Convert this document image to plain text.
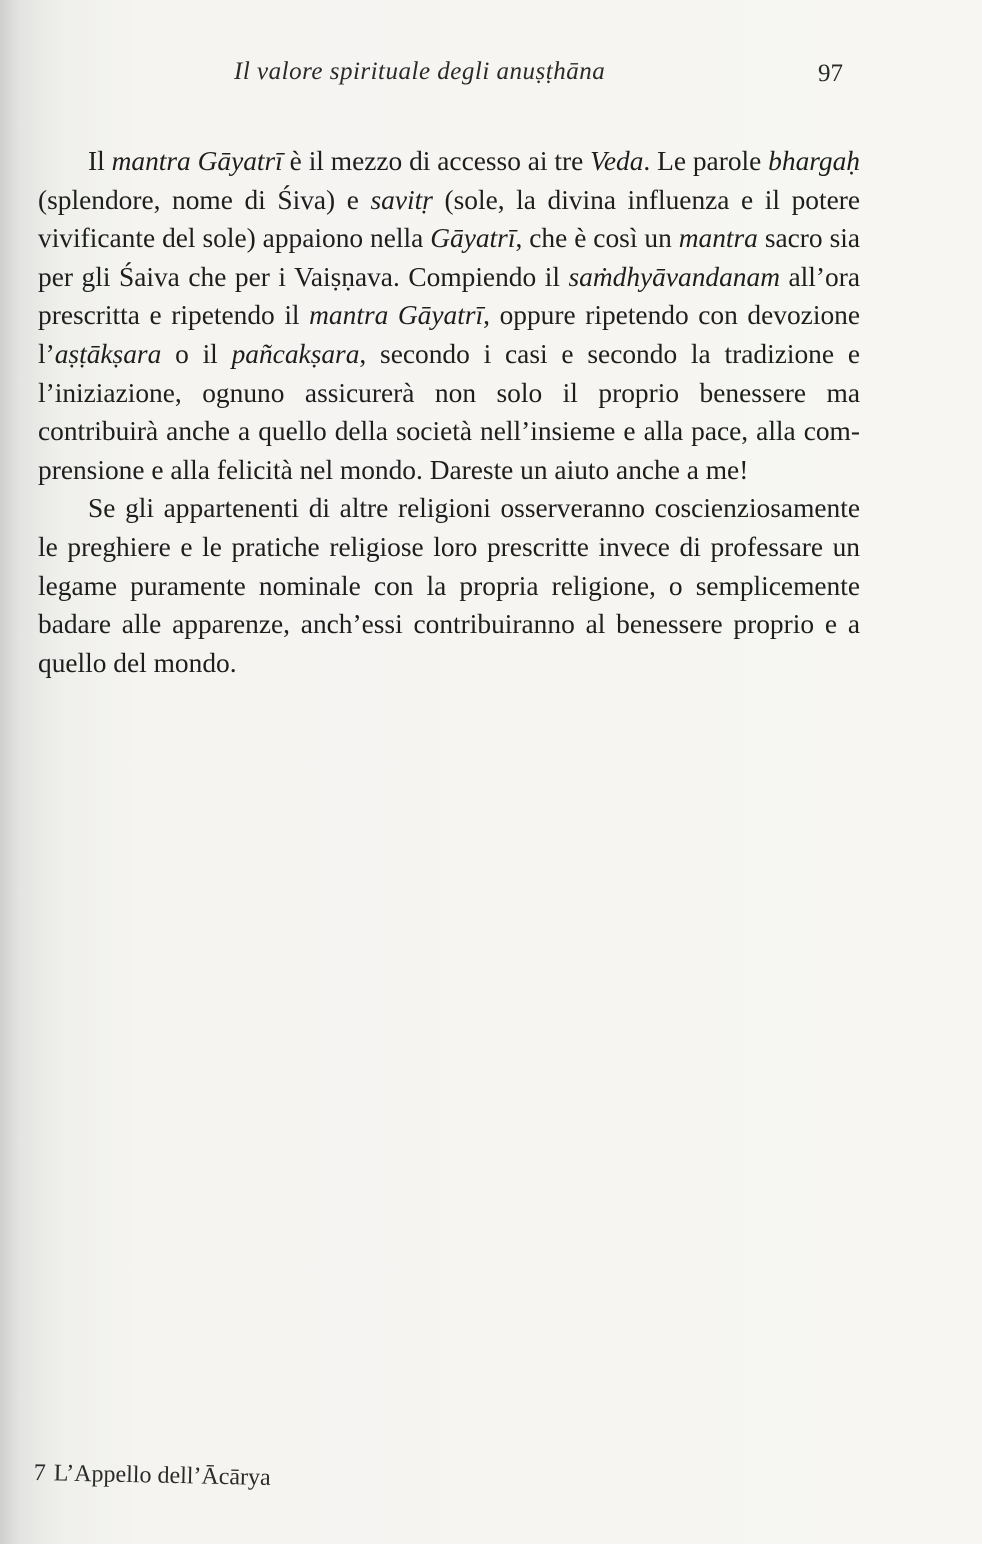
Il valore spirituale degli anuṣṭhāna	97

Il mantra Gāyatrī è il mezzo di accesso ai tre Veda. Le parole bhargaḥ (splendore, nome di Śiva) e savitṛ (sole, la divina influenza e il potere vivificante del sole) appaiono nella Gāyatrī, che è così un mantra sacro sia per gli Śaiva che per i Vaiṣṇava. Compiendo il saṁdhyāvandanam all’ora prescritta e ripetendo il mantra Gāyatrī, oppure ripetendo con devozione l’aṣṭākṣara o il pañcakṣara, secondo i casi e secondo la tradizione e l’iniziazione, ognuno assicurerà non solo il proprio benessere ma contribuirà anche a quello della società nell’insieme e alla pace, alla comprensione e alla felicità nel mondo. Dareste un aiuto anche a me!

Se gli appartenenti di altre religioni osserveranno coscienziosamente le preghiere e le pratiche religiose loro prescritte invece di professare un legame puramente nominale con la propria religione, o semplicemente badare alle apparenze, anch’essi contribuiranno al benessere proprio e a quello del mondo.

7 L’Appello dell’Ācārya
